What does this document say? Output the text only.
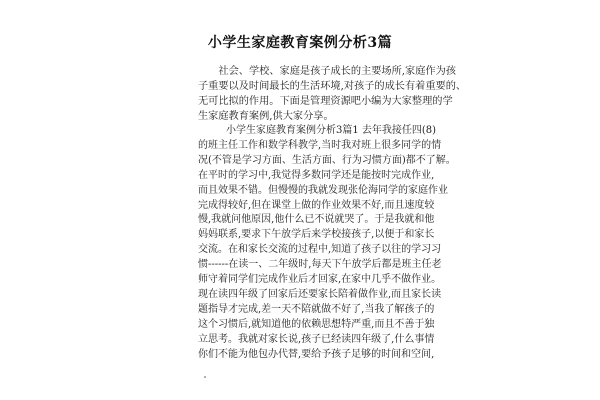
小学生家庭教育案例分析3篇
社会、学校、家庭是孩子成长的主要场所,家庭作为孩
子重要以及时间最长的生活环境,对孩子的成长有着重要的、
无可比拟的作用。下面是管理资源吧小编为大家整理的学
生家庭教育案例,供大家分享。
小学生家庭教育案例分析3篇1 去年我接任四(8)
的班主任工作和数学科教学,当时我对班上很多同学的情
况(不管是学习方面、生活方面、行为习惯方面)都不了解。
在平时的学习中,我觉得多数同学还是能按时完成作业,
而且效果不错。但慢慢的我就发现张伦海同学的家庭作业
完成得较好,但在课堂上做的作业效果不好,而且速度较
慢,我就问他原因,他什么已不说就哭了。于是我就和他
妈妈联系,要求下午放学后来学校接孩子,以便于和家长
交流。在和家长交流的过程中,知道了孩子以往的学习习
惯------在读一、二年级时,每天下午放学后都是班主任老
师守着同学们完成作业后才回家,在家中几乎不做作业。
现在读四年级了回家后还要家长陪着做作业,而且家长读
题指导才完成,差一天不陪就做不好了,当我了解孩子的
这个习惯后,就知道他的依赖思想特严重,而且不善于独
立思考。我就对家长说,孩子已经读四年级了,什么事情
你们不能为他包办代替,要给予孩子足够的时间和空间,
